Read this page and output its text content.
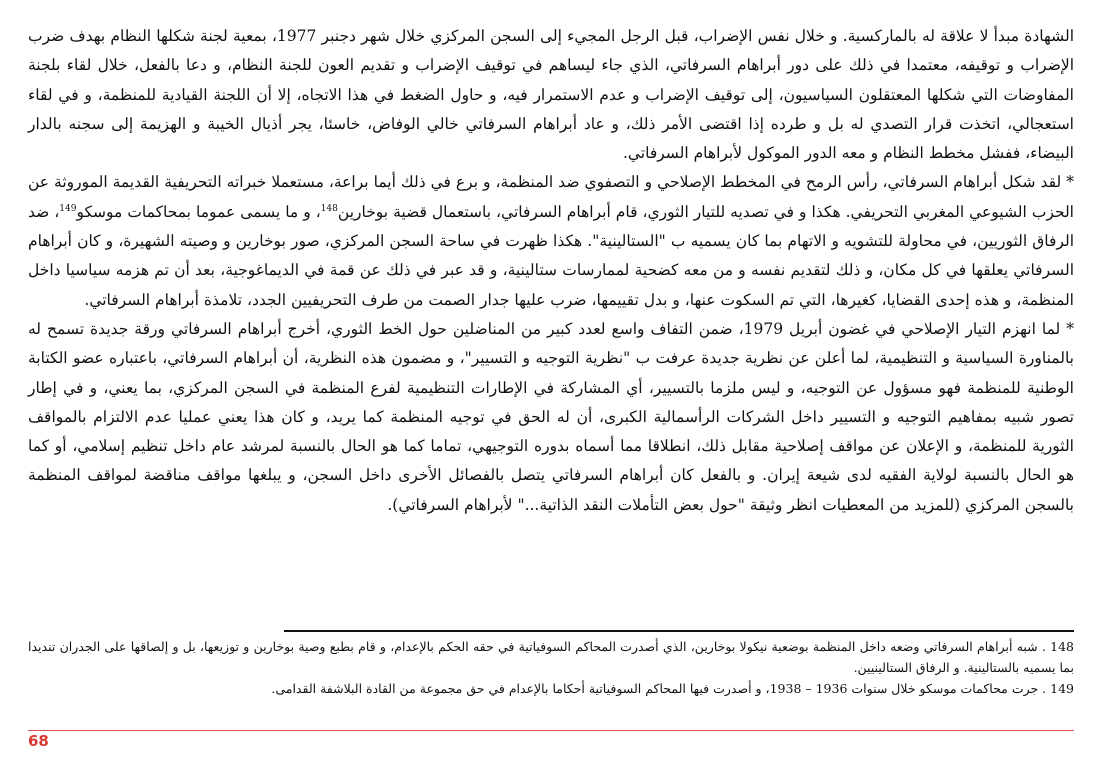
الشهادة مبدأ لا علاقة له بالماركسية. و خلال نفس الإضراب، قبل الرجل المجيء إلى السجن المركزي خلال شهر دجنبر 1977، بمعية لجنة شكلها النظام بهدف ضرب الإضراب و توقيفه، معتمدا في ذلك على دور أبراهام السرفاتي، الذي جاء ليساهم في توقيف الإضراب و تقديم العون للجنة النظام، و دعا بالفعل، خلال لقاء بلجنة المفاوضات التي شكلها المعتقلون السياسيون، إلى توقيف الإضراب و عدم الاستمرار فيه، و حاول الضغط في هذا الاتجاه، إلا أن اللجنة القيادية للمنظمة، و في لقاء استعجالي، اتخذت قرار التصدي له بل و طرده إذا اقتضى الأمر ذلك، و عاد أبراهام السرفاتي خالي الوفاض، خاسئا، يجر أذيال الخيبة و الهزيمة إلى سجنه بالدار البيضاء، ففشل مخطط النظام و معه الدور الموكول لأبراهام السرفاتي.

* لقد شكل أبراهام السرفاتي، رأس الرمح في المخطط الإصلاحي و التصفوي ضد المنظمة، و برع في ذلك أيما براعة، مستعملا خبراته التحريفية القديمة الموروثة عن الحزب الشيوعي المغربي التحريفي. هكذا و في تصديه للتيار الثوري، قام أبراهام السرفاتي، باستعمال قضية بوخارين$^{148}$، و ما يسمى عموما بمحاكمات موسكو$^{149}$، ضد الرفاق الثوريين، في محاولة للتشويه و الاتهام بما كان يسميه ب "الستالينية". هكذا ظهرت في ساحة السجن المركزي، صور بوخارين و وصيته الشهيرة، و كان أبراهام السرفاتي يعلقها في كل مكان، و ذلك لتقديم نفسه و من معه كضحية لممارسات ستالينية، و قد عبر في ذلك عن قمة في الديماغوجية، بعد أن تم هزمه سياسيا داخل المنظمة، و هذه إحدى القضايا، كغيرها، التي تم السكوت عنها، و بدل تقييمها، ضرب عليها جدار الصمت من طرف التحريفيين الجدد، تلامذة أبراهام السرفاتي.

* لما انهزم التيار الإصلاحي في غضون أبريل 1979، ضمن التفاف واسع لعدد كبير من المناضلين حول الخط الثوري، أخرج أبراهام السرفاتي ورقة جديدة تسمح له بالمناورة السياسية و التنظيمية، لما أعلن عن نظرية جديدة عرفت ب "نظرية التوجيه و التسيير"، و مضمون هذه النظرية، أن أبراهام السرفاتي، باعتباره عضو الكتابة الوطنية للمنظمة فهو مسؤول عن التوجيه، و ليس ملزما بالتسيير، أي المشاركة في الإطارات التنظيمية لفرع المنظمة في السجن المركزي، بما يعني، و في إطار تصور شبيه بمفاهيم التوجيه و التسيير داخل الشركات الرأسمالية الكبرى، أن له الحق في توجيه المنظمة كما يريد، و كان هذا يعني عمليا عدم الالتزام بالمواقف الثورية للمنظمة، و الإعلان عن مواقف إصلاحية مقابل ذلك، انطلاقا مما أسماه بدوره التوجيهي، تماما كما هو الحال بالنسبة لمرشد عام داخل تنظيم إسلامي، أو كما هو الحال بالنسبة لولاية الفقيه لدى شيعة إيران. و بالفعل كان أبراهام السرفاتي يتصل بالفصائل الأخرى داخل السجن، و يبلغها مواقف مناقضة لمواقف المنظمة بالسجن المركزي (للمزيد من المعطيات انظر وثيقة "حول بعض التأملات النقد الذاتية..." لأبراهام السرفاتي).

148 . شبه أبراهام السرفاتي وضعه داخل المنظمة بوضعية نيكولا بوخارين، الذي أصدرت المحاكم السوفياتية في حقه الحكم بالإعدام، و قام بطبع وصية بوخارين و توزيعها، بل و إلصاقها على الجدران تنديدا بما يسميه بالستالينية. و الرفاق الستالينيين.

149 . جرت محاكمات موسكو خلال سنوات 1936 – 1938، و أصدرت فيها المحاكم السوفياتية أحكاما بالإعدام في حق مجموعة من القادة البلاشفة القدامى.

68
